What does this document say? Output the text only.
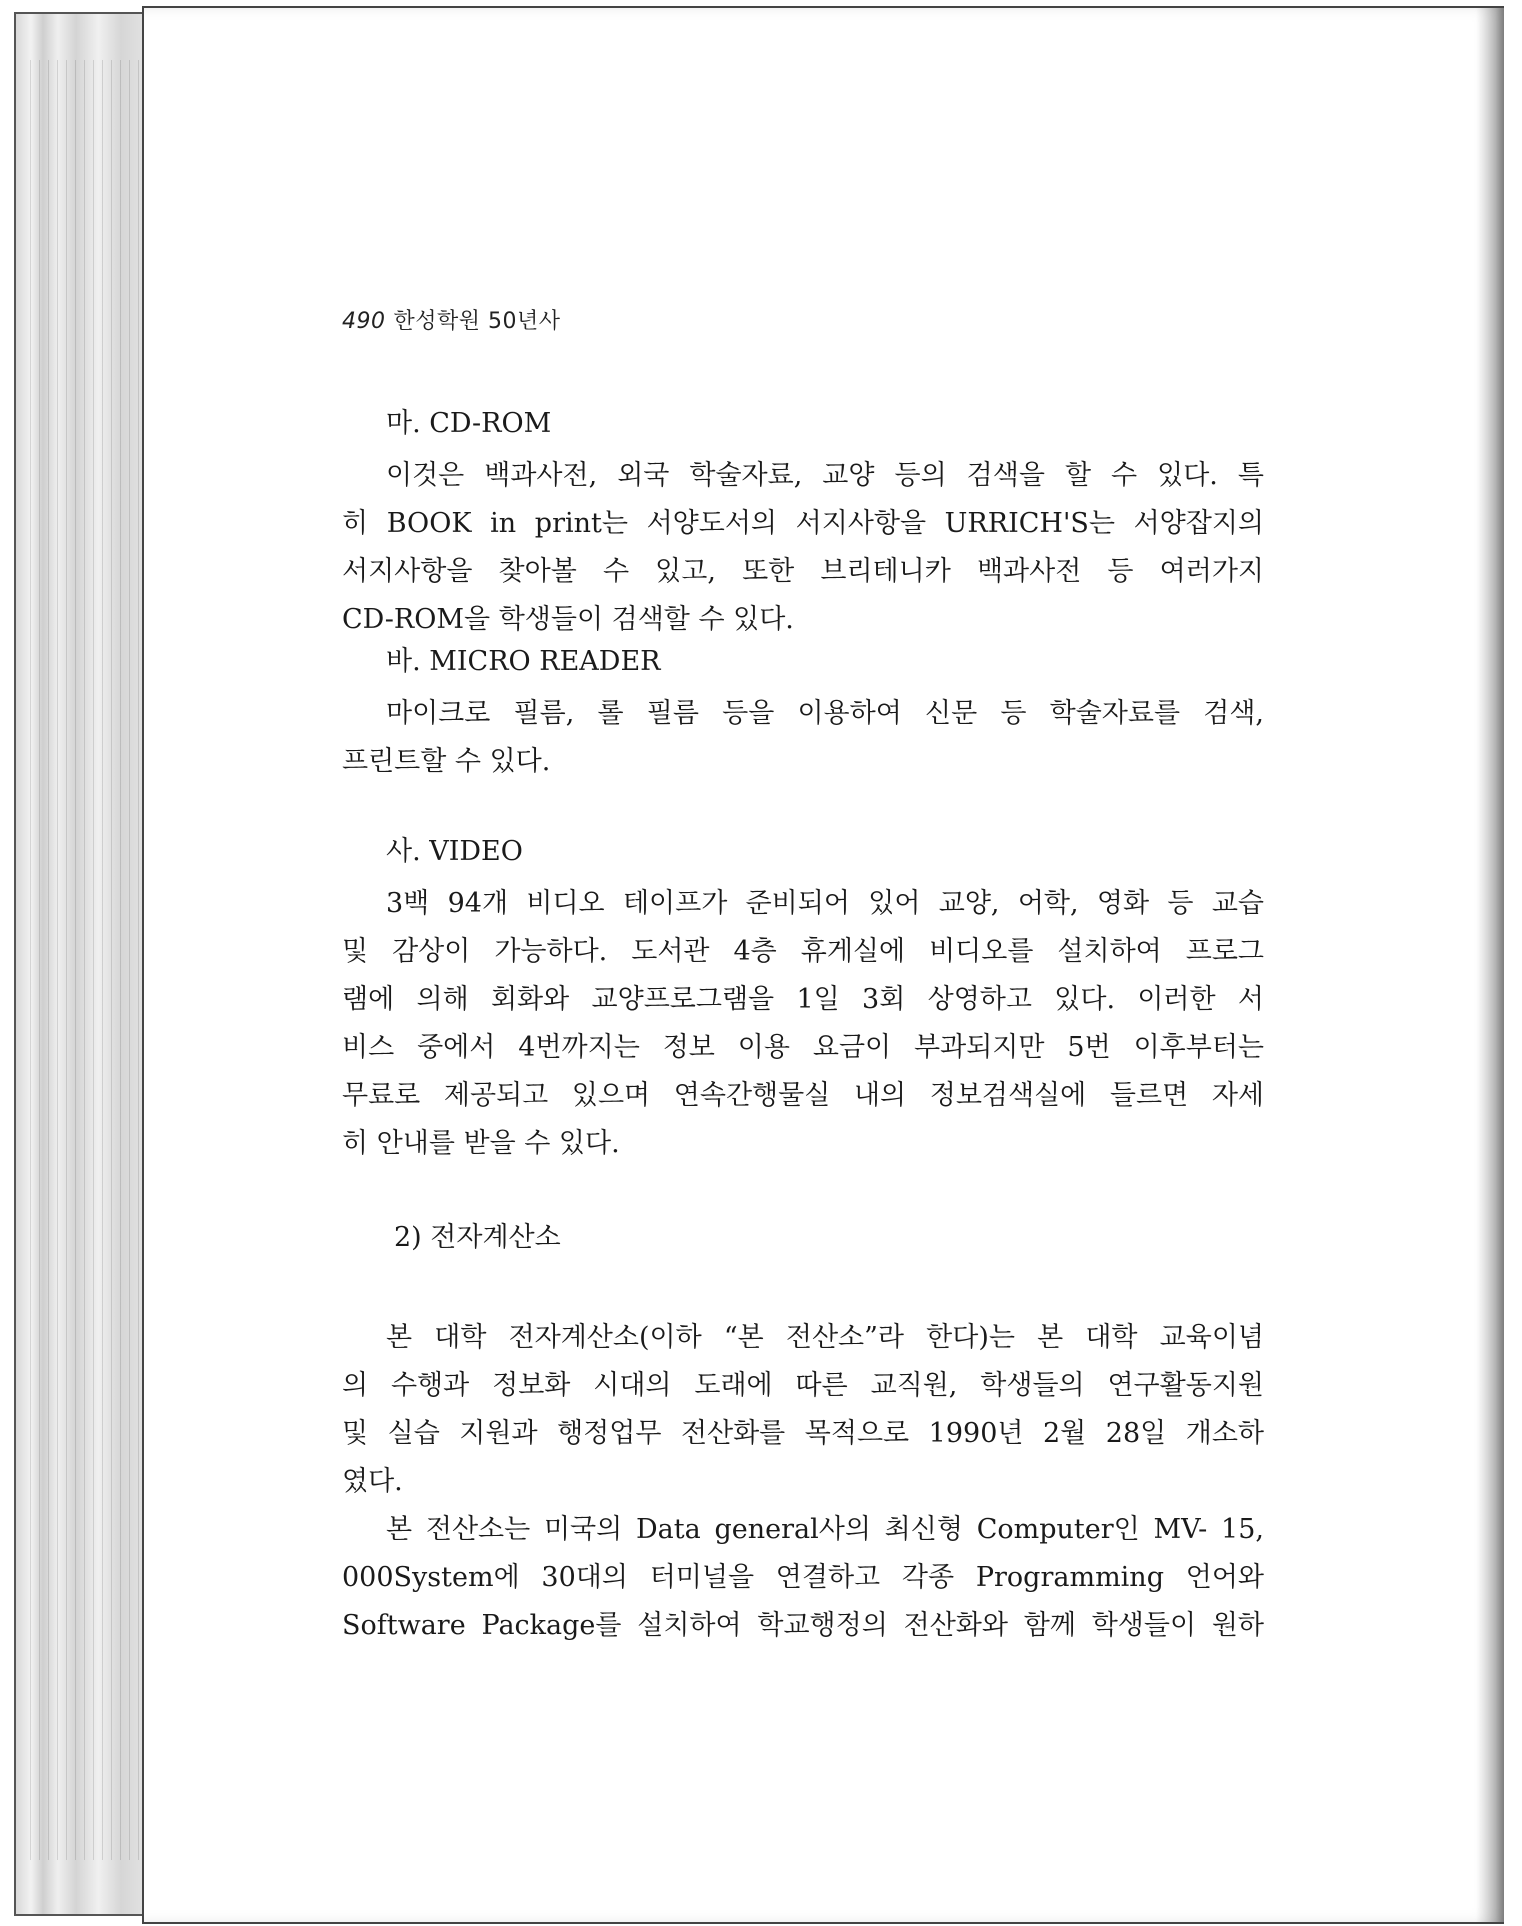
490 한성학원 50년사
마. CD-ROM
이것은 백과사전, 외국 학술자료, 교양 등의 검색을 할 수 있다. 특
히 BOOK in print는 서양도서의 서지사항을 URRICH'S는 서양잡지의
서지사항을 찾아볼 수 있고, 또한 브리테니카 백과사전 등 여러가지
CD-ROM을 학생들이 검색할 수 있다.
바. MICRO READER
마이크로 필름, 롤 필름 등을 이용하여 신문 등 학술자료를 검색,
프린트할 수 있다.
사. VIDEO
3백 94개 비디오 테이프가 준비되어 있어 교양, 어학, 영화 등 교습
및 감상이 가능하다. 도서관 4층 휴게실에 비디오를 설치하여 프로그
램에 의해 회화와 교양프로그램을 1일 3회 상영하고 있다. 이러한 서
비스 중에서 4번까지는 정보 이용 요금이 부과되지만 5번 이후부터는
무료로 제공되고 있으며 연속간행물실 내의 정보검색실에 들르면 자세
히 안내를 받을 수 있다.
2) 전자계산소
본 대학 전자계산소(이하 “본 전산소”라 한다)는 본 대학 교육이념
의 수행과 정보화 시대의 도래에 따른 교직원, 학생들의 연구활동지원
및 실습 지원과 행정업무 전산화를 목적으로 1990년 2월 28일 개소하
였다.
본 전산소는 미국의 Data general사의 최신형 Computer인 MV- 15,
000System에 30대의 터미널을 연결하고 각종 Programming 언어와
Software Package를 설치하여 학교행정의 전산화와 함께 학생들이 원하
